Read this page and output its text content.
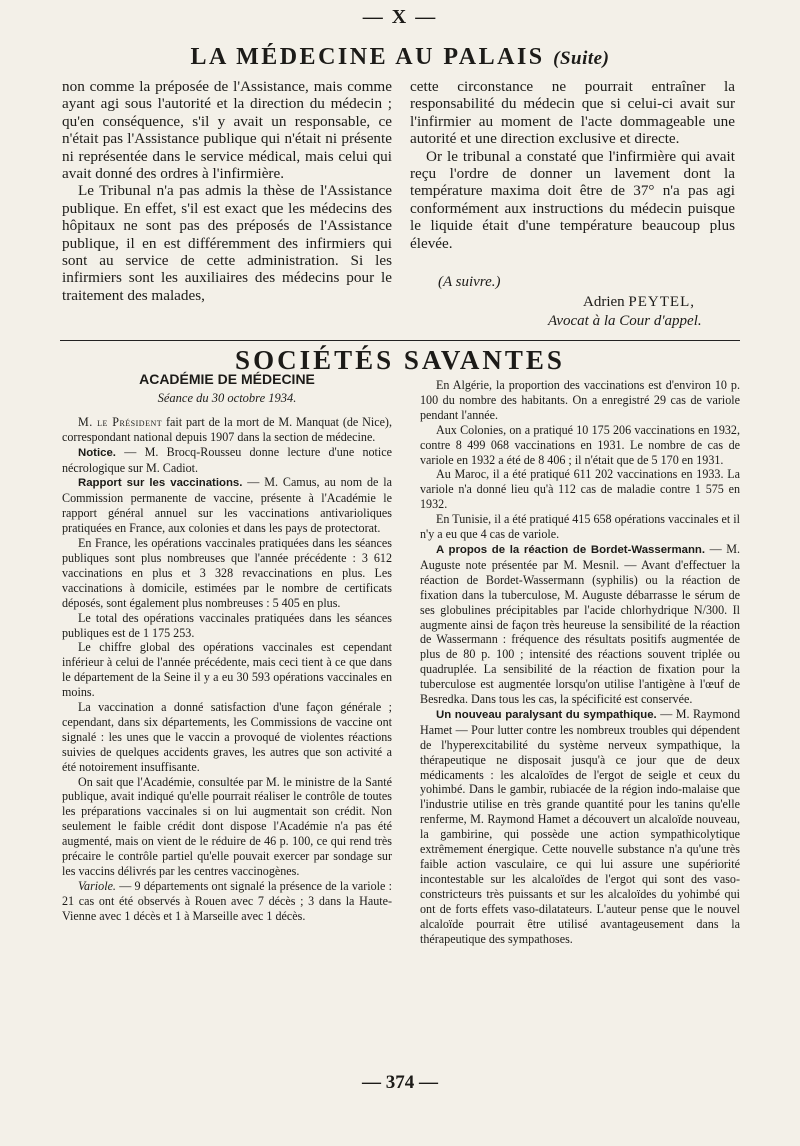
— X —
LA MÉDECINE AU PALAIS (Suite)

non comme la préposée de l'Assistance, mais comme ayant agi sous l'autorité et la direction du médecin ; qu'en conséquence, s'il y avait un responsable, ce n'était pas l'Assistance publique qui n'était ni présente ni représentée dans le service médical, mais celui qui avait donné des ordres à l'infirmière.

Le Tribunal n'a pas admis la thèse de l'Assistance publique. En effet, s'il est exact que les médecins des hôpitaux ne sont pas des préposés de l'Assistance publique, il en est différemment des infirmiers qui sont au service de cette administration. Si les infirmiers sont les auxiliaires des médecins pour le traitement des malades,

cette circonstance ne pourrait entraîner la responsabilité du médecin que si celui-ci avait sur l'infirmier au moment de l'acte dommageable une autorité et une direction exclusive et directe.

Or le tribunal a constaté que l'infirmière qui avait reçu l'ordre de donner un lavement dont la température maxima doit être de 37° n'a pas agi conformément aux instructions du médecin puisque le liquide était d'une température beaucoup plus élevée.

(A suivre.)
Adrien PEYTEL,
Avocat à la Cour d'appel.
SOCIÉTÉS SAVANTES

ACADÉMIE DE MÉDECINE

Séance du 30 octobre 1934.

M. le Président fait part de la mort de M. Manquat (de Nice), correspondant national depuis 1907 dans la section de médecine.

Notice. — M. Brocq-Rousseu donne lecture d'une notice nécrologique sur M. Cadiot.

Rapport sur les vaccinations. — M. Camus, au nom de la Commission permanente de vaccine, présente à l'Académie le rapport général annuel sur les vaccinations antivarioliques pratiquées en France, aux colonies et dans les pays de protectorat.

En France, les opérations vaccinales pratiquées dans les séances publiques sont plus nombreuses que l'année précédente : 3 612 vaccinations en plus et 3 328 revaccinations en plus. Les vaccinations à domicile, estimées par le nombre de certificats déposés, sont également plus nombreuses : 5 405 en plus.

Le total des opérations vaccinales pratiquées dans les séances publiques est de 1 175 253.

Le chiffre global des opérations vaccinales est cependant inférieur à celui de l'année précédente, mais ceci tient à ce que dans le département de la Seine il y a eu 30 593 opérations vaccinales en moins.

La vaccination a donné satisfaction d'une façon générale ; cependant, dans six départements, les Commissions de vaccine ont signalé : les unes que le vaccin a provoqué de violentes réactions suivies de quelques accidents graves, les autres que son activité a été notoirement insuffisante.

On sait que l'Académie, consultée par M. le ministre de la Santé publique, avait indiqué qu'elle pourrait réaliser le contrôle de toutes les préparations vaccinales si on lui augmentait son crédit. Non seulement le faible crédit dont dispose l'Académie n'a pas été augmenté, mais on vient de le réduire de 46 p. 100, ce qui rend très précaire le contrôle partiel qu'elle pouvait exercer par sondage sur les vaccins délivrés par les centres vaccinogènes.

Variole. — 9 départements ont signalé la présence de la variole : 21 cas ont été observés à Rouen avec 7 décès ; 3 dans la Haute-Vienne avec 1 décès et 1 à Marseille avec 1 décès.

En Algérie, la proportion des vaccinations est d'environ 10 p. 100 du nombre des habitants. On a enregistré 29 cas de variole pendant l'année.

Aux Colonies, on a pratiqué 10 175 206 vaccinations en 1932, contre 8 499 068 vaccinations en 1931. Le nombre de cas de variole en 1932 a été de 8 406 ; il n'était que de 5 170 en 1931.

Au Maroc, il a été pratiqué 611 202 vaccinations en 1933. La variole n'a donné lieu qu'à 112 cas de maladie contre 1 575 en 1932.

En Tunisie, il a été pratiqué 415 658 opérations vaccinales et il n'y a eu que 4 cas de variole.

A propos de la réaction de Bordet-Wassermann. — M. Auguste note présentée par M. Mesnil. — Avant d'effectuer la réaction de Bordet-Wassermann (syphilis) ou la réaction de fixation dans la tuberculose, M. Auguste débarrasse le sérum de ses globulines précipitables par l'acide chlorhydrique N/300. Il augmente ainsi de façon très heureuse la sensibilité de la réaction de Wassermann : fréquence des résultats positifs augmentée de plus de 80 p. 100 ; intensité des réactions souvent triplée ou quadruplée. La sensibilité de la réaction de fixation pour la tuberculose est augmentée lorsqu'on utilise l'antigène à l'œuf de Besredka. Dans tous les cas, la spécificité est conservée.

Un nouveau paralysant du sympathique. — M. Raymond Hamet — Pour lutter contre les nombreux troubles qui dépendent de l'hyperexcitabilité du système nerveux sympathique, la thérapeutique ne disposait jusqu'à ce jour que de deux médicaments : les alcaloïdes de l'ergot de seigle et ceux du yohimbé. Dans le gambir, rubiacée de la région indo-malaise que l'industrie utilise en très grande quantité pour les tanins qu'elle renferme, M. Raymond Hamet a découvert un alcaloïde nouveau, la gambirine, qui possède une action sympathicolytique extrêmement énergique. Cette nouvelle substance n'a qu'une très faible action vasculaire, ce qui lui assure une supériorité incontestable sur les alcaloïdes de l'ergot qui sont des vaso-constricteurs très puissants et sur les alcaloïdes du yohimbé qui ont de forts effets vaso-dilatateurs. L'auteur pense que le nouvel alcaloïde pourrait être utilisé avantageusement dans la thérapeutique des sympathoses.

— 374 —
